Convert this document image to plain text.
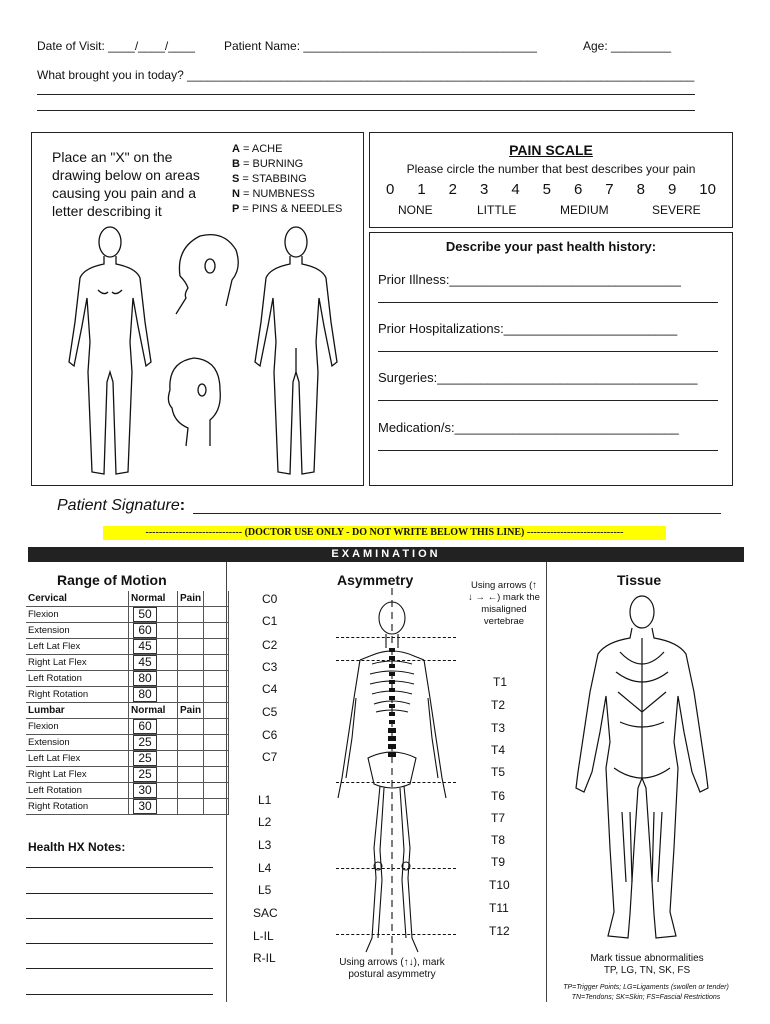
Date of Visit: ____/____/____ Patient Name: ___________________________________	Age: _________
What brought you in today? ____________________________________________________________________________
Place an "X" on the drawing below on areas causing you pain and a letter describing it
A = ACHE
B = BURNING
S = STABBING
N = NUMBNESS
P = PINS & NEEDLES
PAIN SCALE
Please circle the number that best describes your pain
0 1 2 3 4 5 6 7 8 9 10
NONE	LITTLE	MEDIUM	SEVERE
Describe your past health history:
Prior Illness:________________________________
Prior Hospitalizations:________________________
Surgeries:____________________________________
Medication/s:_______________________________
Patient Signature:
----------------------------- (DOCTOR USE ONLY - DO NOT WRITE BELOW THIS LINE) -----------------------------
EXAMINATION
Range of Motion
Cervical	Normal	Pain	
Flexion	50		
Extension	60		
Left Lat Flex	45		
Right Lat Flex	45		
Left Rotation	80		
Right Rotation	80		
Lumbar	Normal	Pain	
Flexion	60		
Extension	25		
Left Lat Flex	25		
Right Lat Flex	25		
Left Rotation	30		
Right Rotation	30		
Health HX Notes:
Asymmetry	Using arrows (↑ ↓ → ←) mark the misaligned vertebrae
C0
C1
C2
C3
C4
C5
C6
C7
L1
L2
L3
L4
L5
SAC
L-IL
R-IL
T1
T2
T3
T4
T5
T6
T7
T8
T9
T10
T11
T12
Using arrows (↑↓), mark postural asymmetry
Tissue
Mark tissue abnormalities
TP, LG, TN, SK, FS
TP=Trigger Points; LG=Ligaments (swollen or tender)
TN=Tendons; SK=Skin; FS=Fascial Restrictions
